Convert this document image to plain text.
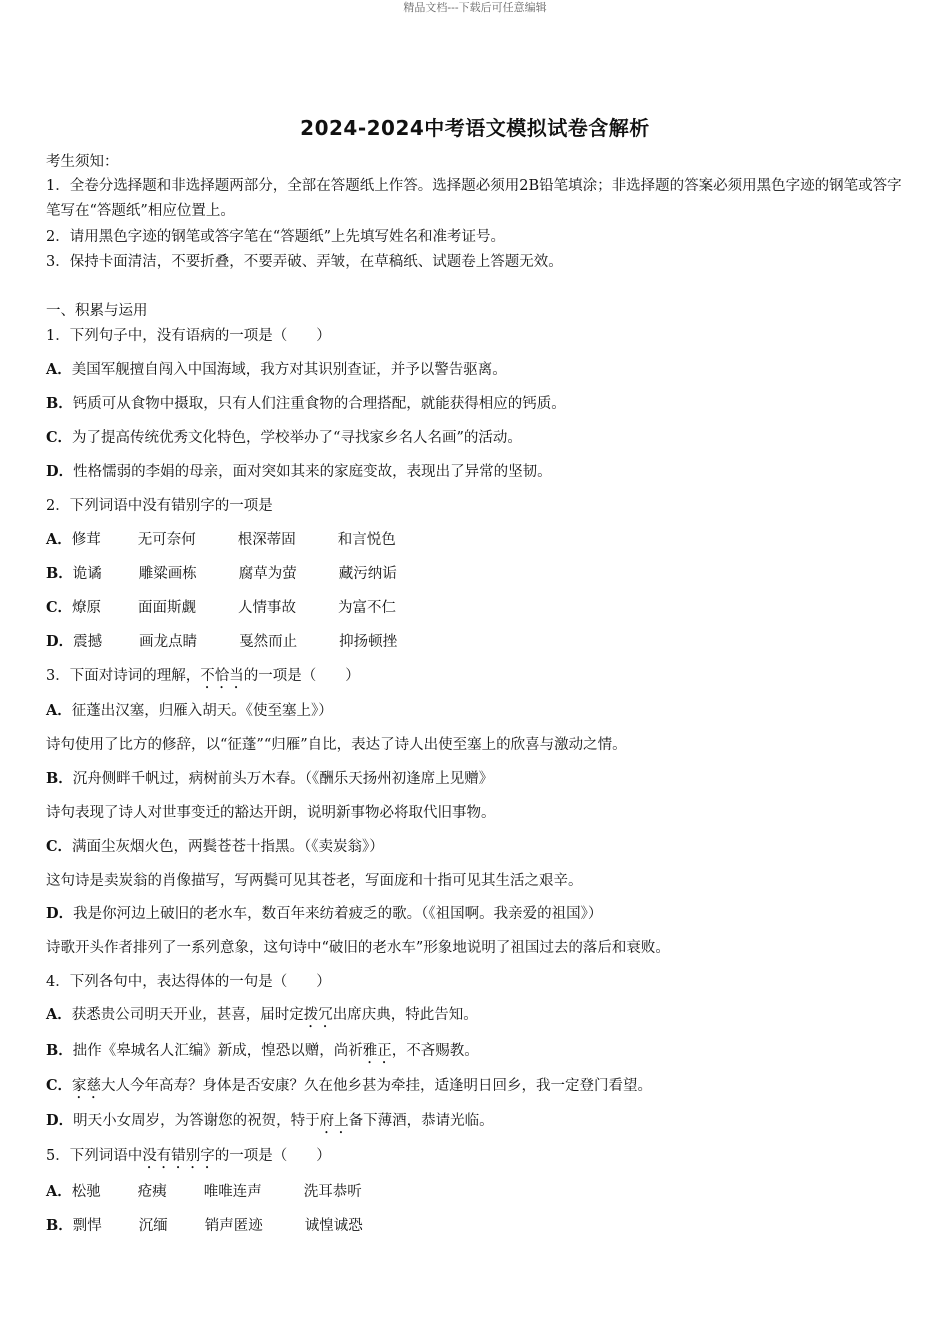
精品文档---下载后可任意编辑
2024-2024中考语文模拟试卷含解析
考生须知：
1．全卷分选择题和非选择题两部分，全部在答题纸上作答。选择题必须用2B铅笔填涂；非选择题的答案必须用黑色字迹的钢笔或答字笔写在“答题纸”相应位置上。
2．请用黑色字迹的钢笔或答字笔在“答题纸”上先填写姓名和准考证号。
3．保持卡面清洁，不要折叠，不要弄破、弄皱，在草稿纸、试题卷上答题无效。
一、积累与运用
1．下列句子中，没有语病的一项是（　　）
A．美国军舰擅自闯入中国海域，我方对其识别查证，并予以警告驱离。
B．钙质可从食物中摄取，只有人们注重食物的合理搭配，就能获得相应的钙质。
C．为了提高传统优秀文化特色，学校举办了“寻找家乡名人名画”的活动。
D．性格懦弱的李娟的母亲，面对突如其来的家庭变故，表现出了异常的坚韧。
2．下列词语中没有错别字的一项是
A．修茸	无可奈何	根深蒂固	和言悦色
B．诡谲	雕粱画栋	腐草为萤	藏污纳诟
C．燎原	面面斯觑	人情事故	为富不仁
D．震撼	画龙点睛	戛然而止	抑扬顿挫
3．下面对诗词的理解，不恰当的一项是（　　）
A．征蓬出汉塞，归雁入胡天。《使至塞上》）
诗句使用了比方的修辞，以“征蓬”“归雁”自比，表达了诗人出使至塞上的欣喜与激动之情。
B．沉舟侧畔千帆过，病树前头万木春。（《酬乐天扬州初逢席上见赠》
诗句表现了诗人对世事变迁的豁达开朗，说明新事物必将取代旧事物。
C．满面尘灰烟火色，两鬓苍苍十指黑。（《卖炭翁》）
这句诗是卖炭翁的肖像描写，写两鬓可见其苍老，写面庞和十指可见其生活之艰辛。
D．我是你河边上破旧的老水车，数百年来纺着疲乏的歌。（《祖国啊。我亲爱的祖国》）
诗歌开头作者排列了一系列意象，这句诗中“破旧的老水车”形象地说明了祖国过去的落后和衰败。
4．下列各句中，表达得体的一句是（　　）
A．获悉贵公司明天开业，甚喜，届时定拨冗出席庆典，特此告知。
B．拙作《皋城名人汇编》新成，惶恐以赠，尚祈雅正，不吝赐教。
C．家慈大人今年高寿？身体是否安康？久在他乡甚为牵挂，适逢明日回乡，我一定登门看望。
D．明天小女周岁，为答谢您的祝贺，特于府上备下薄酒，恭请光临。
5．下列词语中没有错别字的一项是（　　）
A．松驰	疮痍	唯唯连声	洗耳恭听
B．剽悍	沉缅	销声匿迹	诚惶诚恐
